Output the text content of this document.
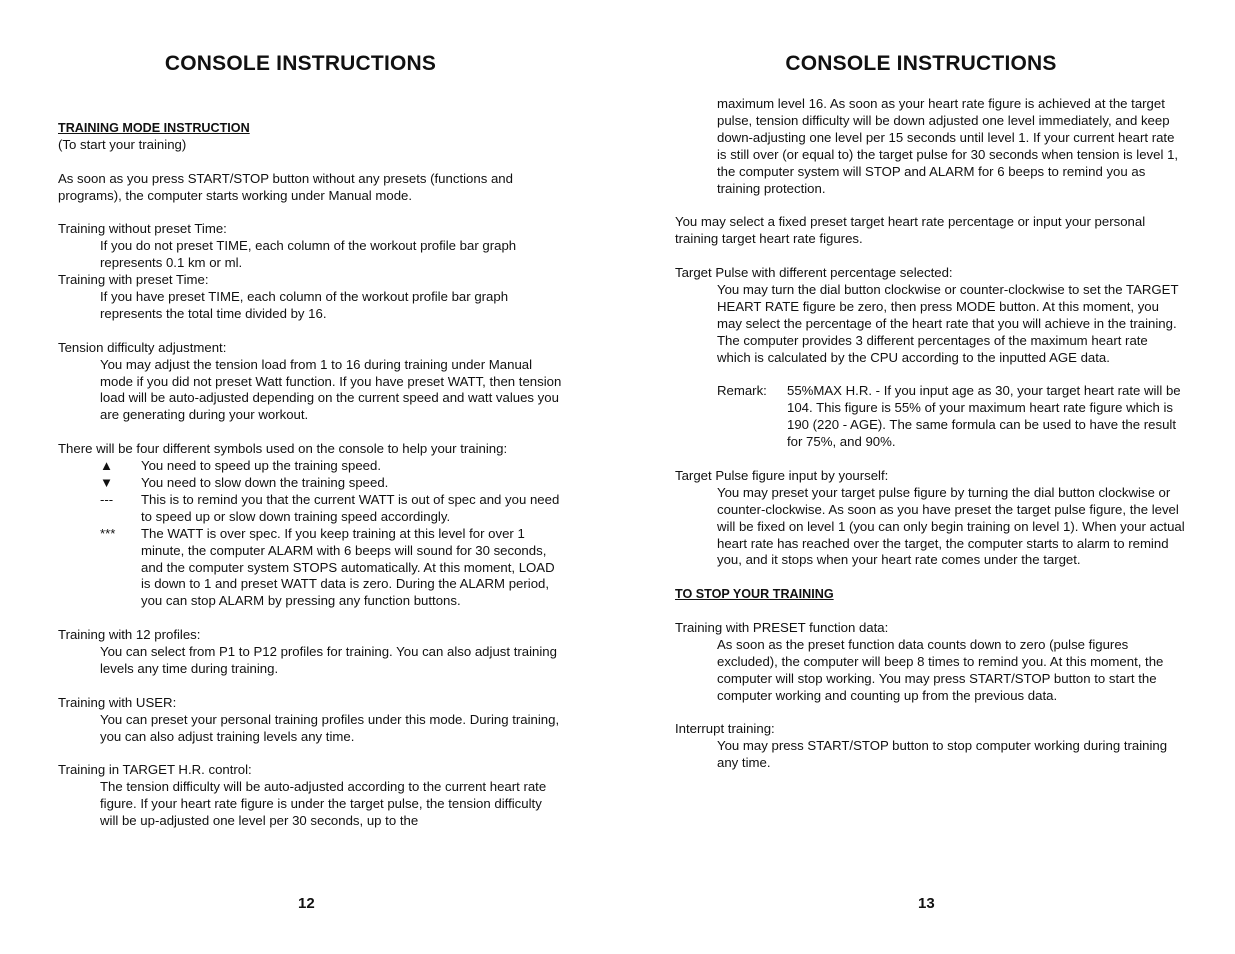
CONSOLE INSTRUCTIONS

TRAINING MODE INSTRUCTION

(To start your training)

As soon as you press START/STOP button without any presets (functions and programs), the computer starts working under Manual mode.

Training without preset Time:

If you do not preset TIME, each column of the workout profile bar graph represents 0.1 km or ml.

Training with preset Time:

If you have preset TIME, each column of the workout profile bar graph represents the total time divided by 16.

Tension difficulty adjustment:

You may adjust the tension load from 1 to 16 during training under Manual mode if you did not preset Watt function. If you have preset WATT, then tension load will be auto-adjusted depending on the current speed and watt values you are generating during your workout.

There will be four different symbols used on the console to help your training:

▲	You need to speed up the training speed.
▼	You need to slow down the training speed.
---	This is to remind you that the current WATT is out of spec and you need to speed up or slow down training speed accordingly.
***	The WATT is over spec. If you keep training at this level for over 1 minute, the computer ALARM with 6 beeps will sound for 30 seconds, and the computer system STOPS automatically. At this moment, LOAD is down to 1 and preset WATT data is zero. During the ALARM period, you can stop ALARM by pressing any function buttons.

Training with 12 profiles:

You can select from P1 to P12 profiles for training. You can also adjust training levels any time during training.

Training with USER:

You can preset your personal training profiles under this mode. During training, you can also adjust training levels any time.

Training in TARGET H.R. control:

The tension difficulty will be auto-adjusted according to the current heart rate figure. If your heart rate figure is under the target pulse, the tension difficulty will be up-adjusted one level per 30 seconds, up to the

12
CONSOLE INSTRUCTIONS

maximum level 16. As soon as your heart rate figure is achieved at the target pulse, tension difficulty will be down adjusted one level immediately, and keep down-adjusting one level per 15 seconds until level 1. If your current heart rate is still over (or equal to) the target pulse for 30 seconds when tension is level 1, the computer system will STOP and ALARM for 6 beeps to remind you as training protection.

You may select a fixed preset target heart rate percentage or input your personal training target heart rate figures.

Target Pulse with different percentage selected:

You may turn the dial button clockwise or counter-clockwise to set the TARGET HEART RATE figure be zero, then press MODE button. At this moment, you may select the percentage of the heart rate that you will achieve in the training. The computer provides 3 different percentages of the maximum heart rate which is calculated by the CPU according to the inputted AGE data.

Remark:	55%MAX H.R. - If you input age as 30, your target heart rate will be 104. This figure is 55% of your maximum heart rate figure which is 190 (220 - AGE). The same formula can be used to have the result for 75%, and 90%.

Target Pulse figure input by yourself:

You may preset your target pulse figure by turning the dial button clockwise or counter-clockwise. As soon as you have preset the target pulse figure, the level will be fixed on level 1 (you can only begin training on level 1). When your actual heart rate has reached over the target, the computer starts to alarm to remind you, and it stops when your heart rate comes under the target.

TO STOP YOUR TRAINING

Training with PRESET function data:

As soon as the preset function data counts down to zero (pulse figures excluded), the computer will beep 8 times to remind you. At this moment, the computer will stop working. You may press START/STOP button to start the computer working and counting up from the previous data.

Interrupt training:

You may press START/STOP button to stop computer working during training any time.

13
